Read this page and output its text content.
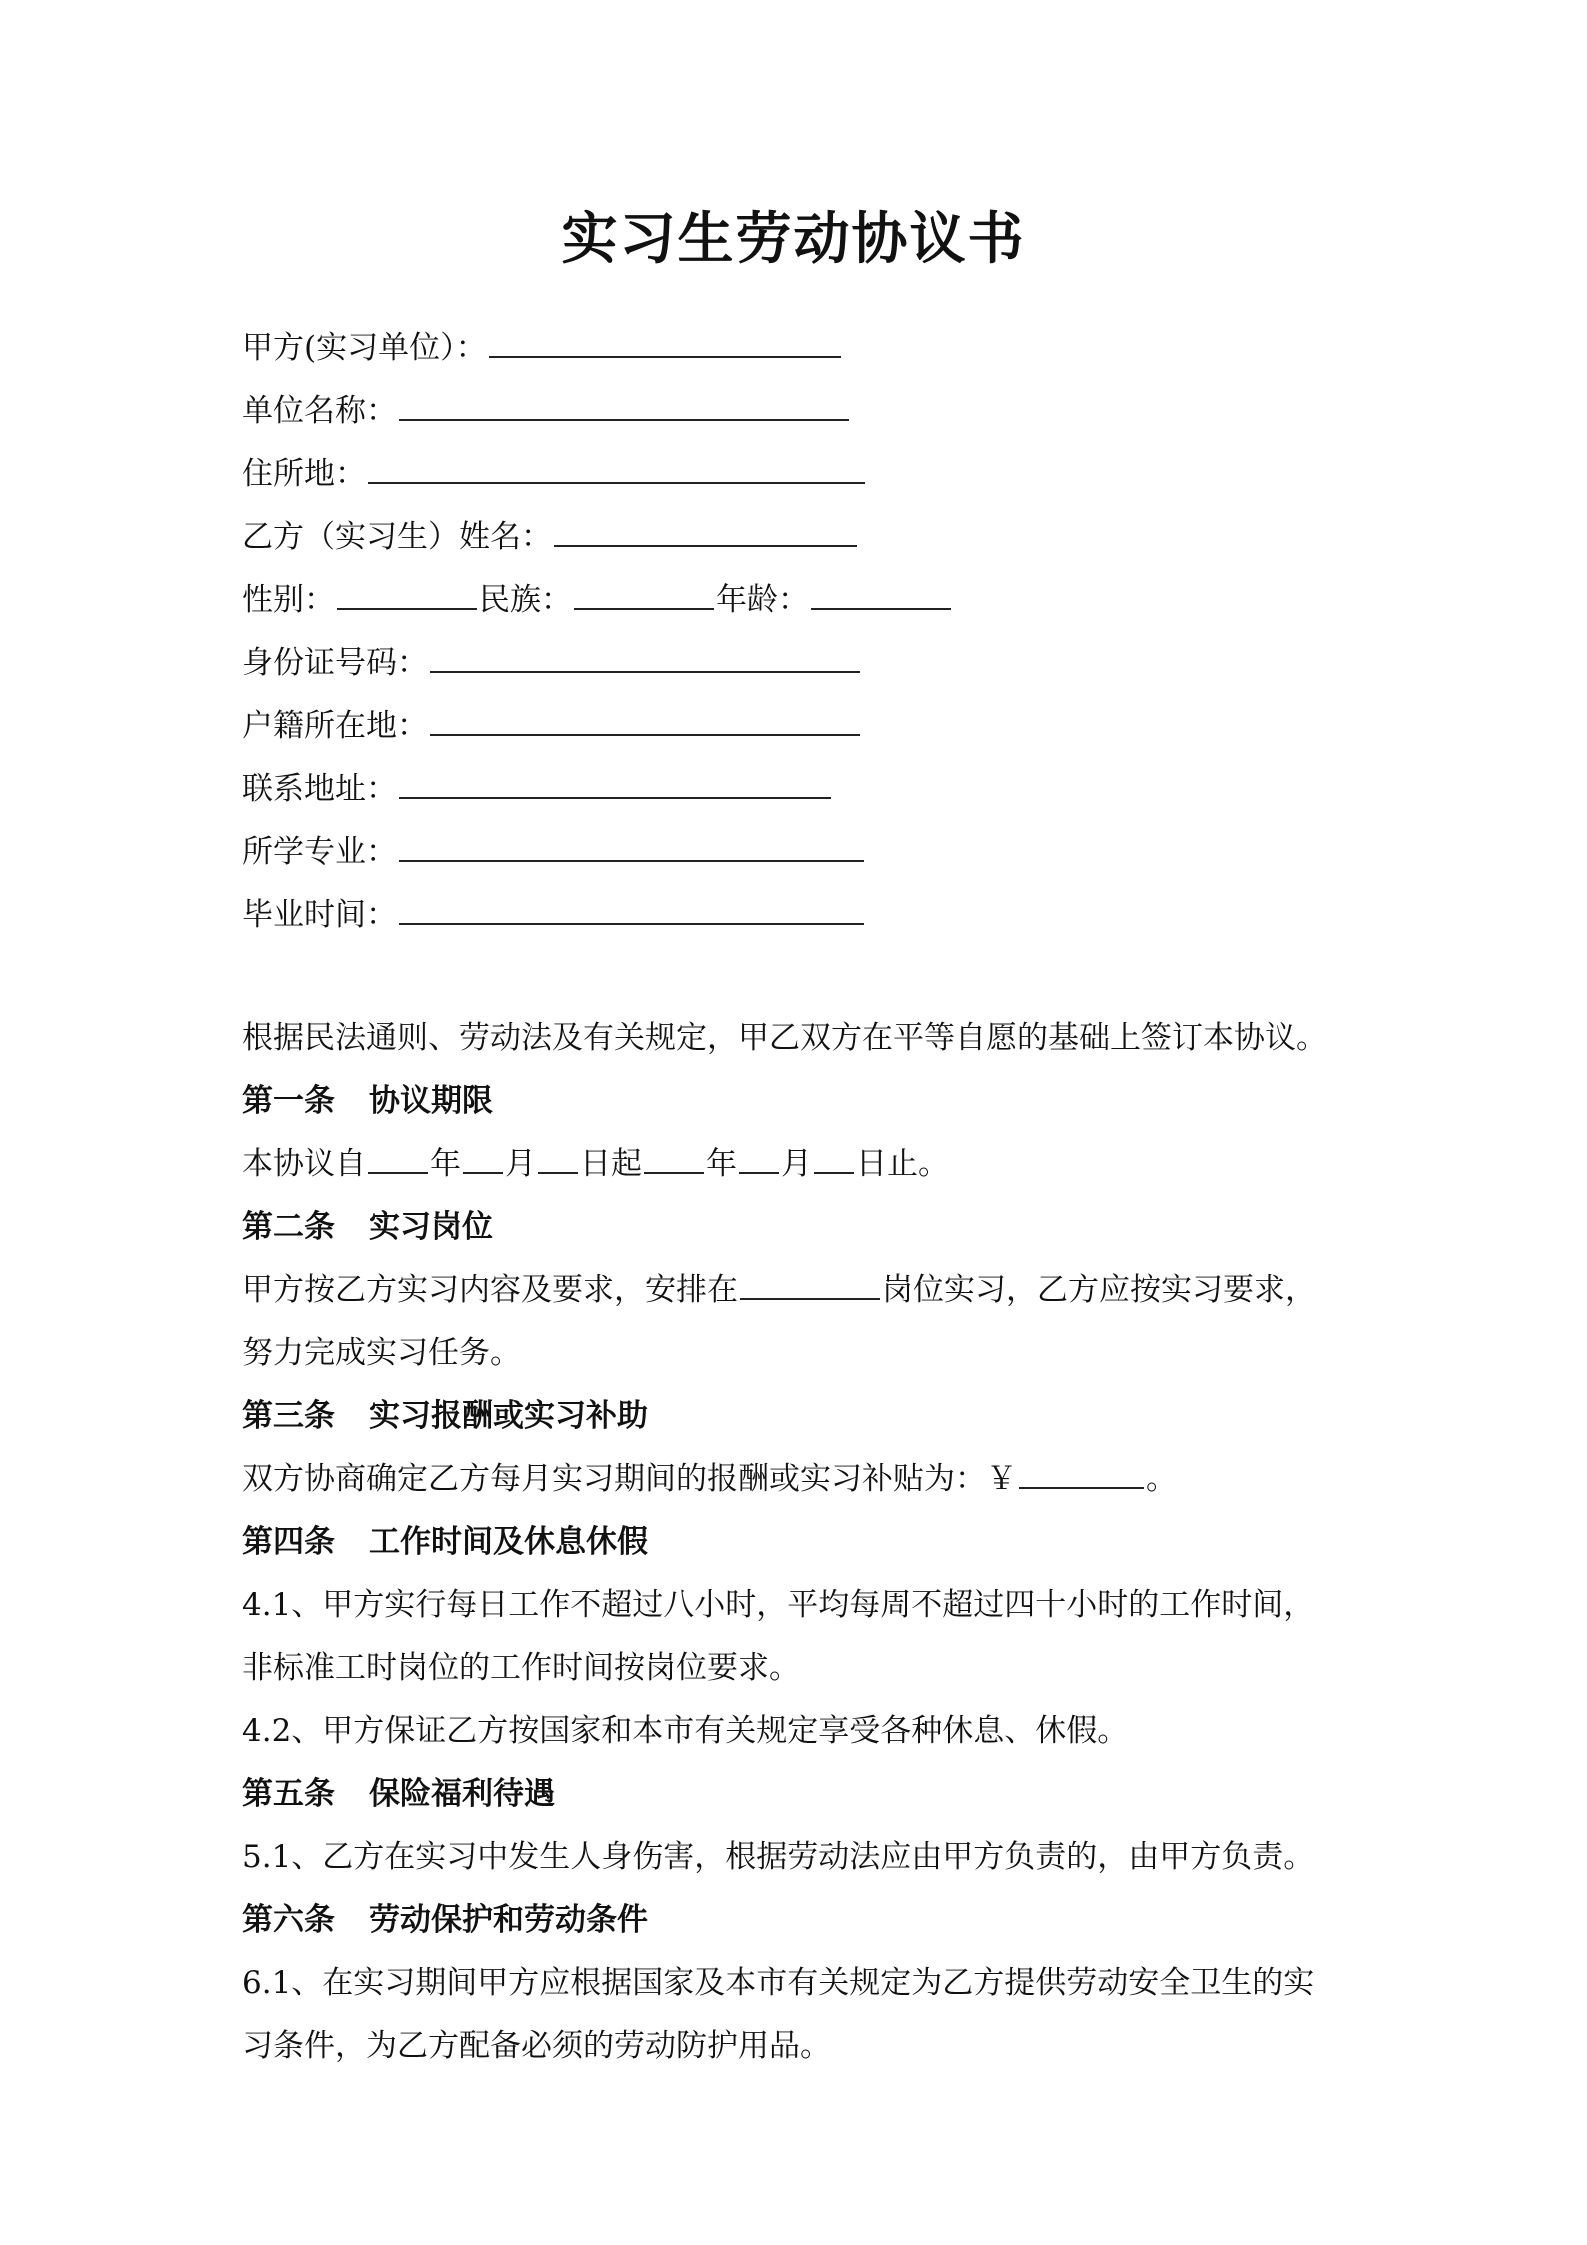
实习生劳动协议书
甲方(实习单位）：
单位名称：
住所地：
乙方（实习生）姓名：
性别：	民族：	年龄：
身份证号码：
户籍所在地：
联系地址：
所学专业：
毕业时间：
根据民法通则、劳动法及有关规定，甲乙双方在平等自愿的基础上签订本协议。
第一条 协议期限
本协议自 年 月 日起 年 月 日止。
第二条 实习岗位
甲方按乙方实习内容及要求，安排在	岗位实习，乙方应按实习要求，
努力完成实习任务。
第三条 实习报酬或实习补助
双方协商确定乙方每月实习期间的报酬或实习补贴为：￥	。
第四条 工作时间及休息休假
4.1、甲方实行每日工作不超过八小时，平均每周不超过四十小时的工作时间，
非标准工时岗位的工作时间按岗位要求。
4.2、甲方保证乙方按国家和本市有关规定享受各种休息、休假。
第五条 保险福利待遇
5.1、乙方在实习中发生人身伤害，根据劳动法应由甲方负责的，由甲方负责。
第六条 劳动保护和劳动条件
6.1、在实习期间甲方应根据国家及本市有关规定为乙方提供劳动安全卫生的实
习条件，为乙方配备必须的劳动防护用品。
